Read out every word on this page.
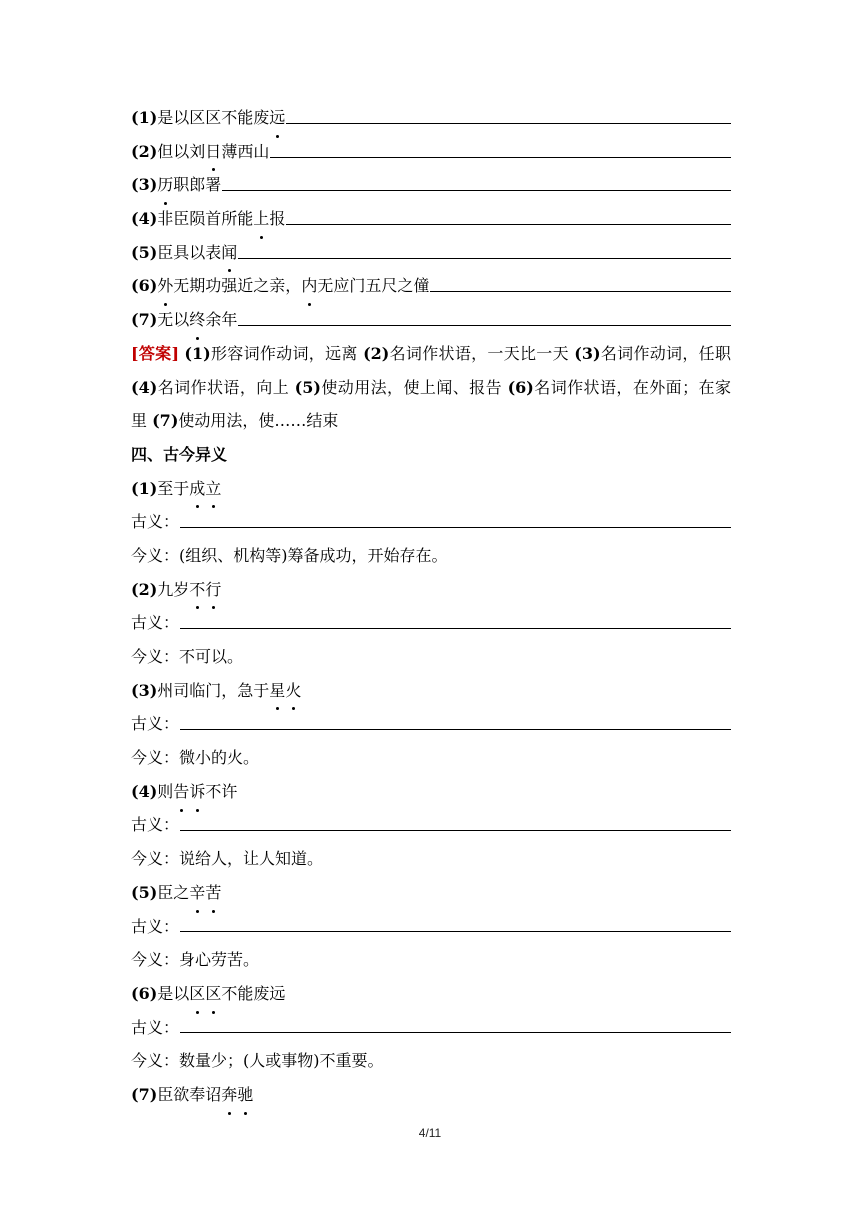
(1) 是以区区不能废远
(2) 但以刘日薄西山
(3) 历职郎署
(4) 非臣陨首所能上报
(5) 臣具以表闻
(6) 外无期功强近之亲，内无应门五尺之僮
(7) 无以终余年

[答案] (1)形容词作动词，远离 (2)名词作状语，一天比一天 (3)名词作动词，任职 (4)名词作状语，向上 (5)使动用法，使上闻、报告 (6)名词作状语，在外面；在家里 (7)使动用法，使……结束

四、古今异义
(1) 至于成立
古义：
今义： (组织、机构等)筹备成功，开始存在。
(2) 九岁不行
古义：
今义： 不可以。
(3) 州司临门，急于星火
古义：
今义： 微小的火。
(4) 则告诉不许
古义：
今义： 说给人，让人知道。
(5) 臣之辛苦
古义：
今义： 身心劳苦。
(6) 是以区区不能废远
古义：
今义： 数量少；(人或事物)不重要。
(7) 臣欲奉诏奔驰
4/11
